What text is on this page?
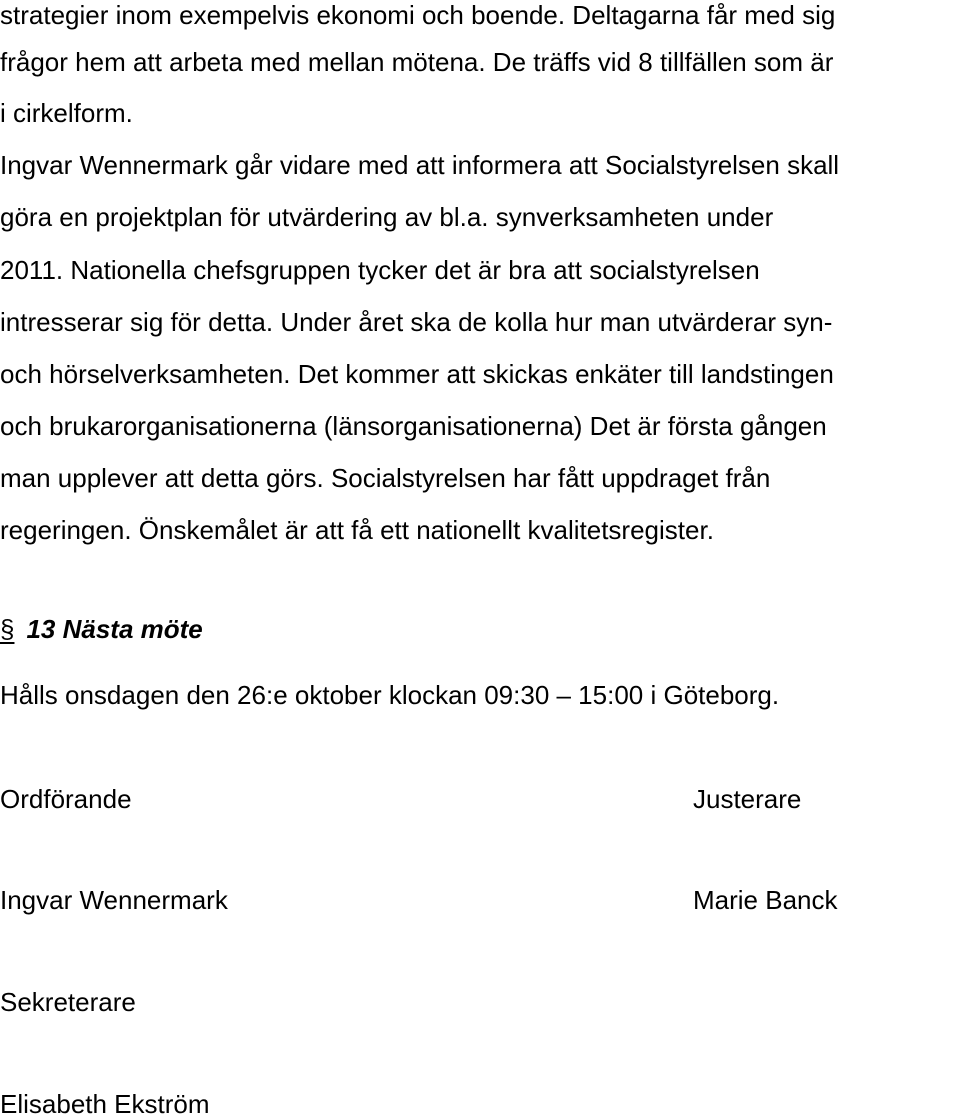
strategier inom exempelvis ekonomi och boende. Deltagarna får med sig
frågor hem att arbeta med mellan mötena. De träffs vid 8 tillfällen som är
i cirkelform.
Ingvar Wennermark går vidare med att informera att Socialstyrelsen skall
göra en projektplan för utvärdering av bl.a. synverksamheten under
2011. Nationella chefsgruppen tycker det är bra att socialstyrelsen
intresserar sig för detta. Under året ska de kolla hur man utvärderar syn-
och hörselverksamheten. Det kommer att skickas enkäter till landstingen
och brukarorganisationerna (länsorganisationerna) Det är första gången
man upplever att detta görs. Socialstyrelsen har fått uppdraget från
regeringen. Önskemålet är att få ett nationellt kvalitetsregister.
§ 13 Nästa möte
Hålls onsdagen den 26:e oktober klockan 09:30 – 15:00 i Göteborg.
Ordförande	Justerare
Ingvar Wennermark	Marie Banck
Sekreterare
Elisabeth Ekström
